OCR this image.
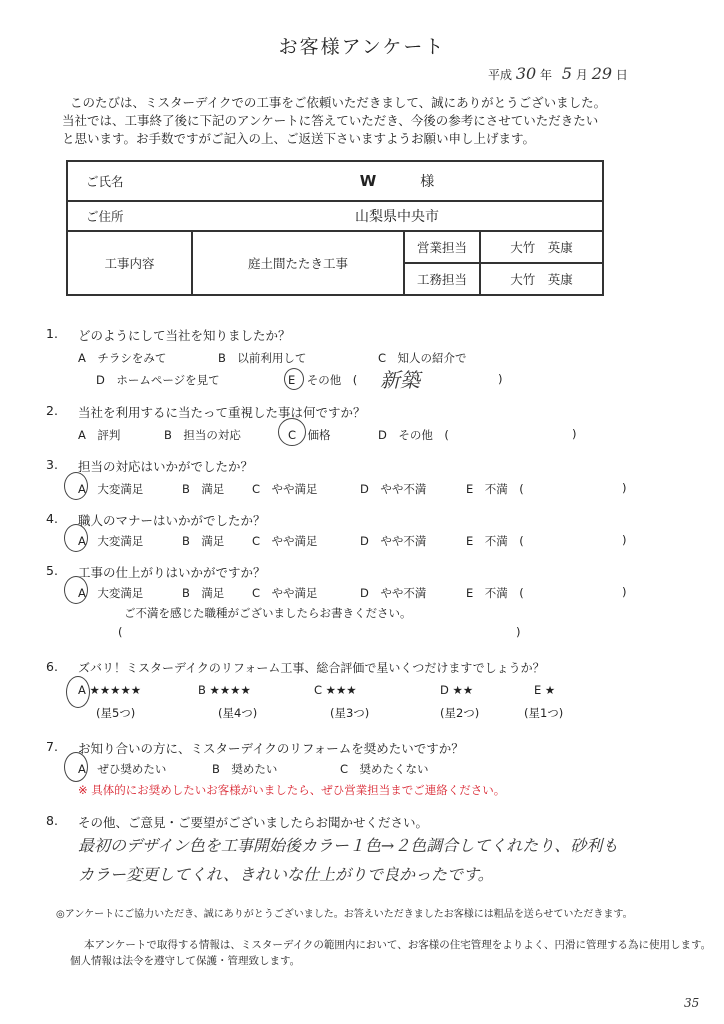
お客様アンケート
平成 30 年 5 月 29 日
このたびは、ミスターデイクでの工事をご依頼いただきまして、誠にありがとうございました。
当社では、工事終了後に下記のアンケートに答えていただき、今後の参考にさせていただきたい
と思います。お手数ですがご記入の上、ご返送下さいますようお願い申し上げます。
ご氏名	W 様		
ご住所	山梨県中央市		
工事内容	庭土間たたき工事	営業担当	大竹　英康
		工務担当	大竹　英康
1. どのようにして当社を知りましたか？
A　チラシをみて	B　以前利用して	C　知人の紹介で
D　ホームページを見て	E　その他　( 新築	)
2. 当社を利用するに当たって重視した事は何ですか？
A　評判	B　担当の対応	C　価格	D　その他　(	)
3. 担当の対応はいかがでしたか？
A　大変満足	B　満足 C　やや満足	D　やや不満	E　不満　(	)
4. 職人のマナーはいかがでしたか？
A　大変満足	B　満足 C　やや満足	D　やや不満	E　不満　(	)
5. 工事の仕上がりはいかがですか？
A　大変満足	B　満足 C　やや満足	D　やや不満	E　不満　(	)
ご不満を感じた職種がございましたらお書きください。
(	)
6. ズバリ！ミスターデイクのリフォーム工事、総合評価で星いくつだけますでしょうか？
A ★★★★★	B ★★★★	C ★★★	D ★★	E ★
(星5つ)	(星4つ)	(星3つ)	(星2つ)	(星1つ)
7. お知り合いの方に、ミスターデイクのリフォームを奨めたいですか？
A　ぜひ奨めたい	B　奨めたい	C　奨めたくない
※ 具体的にお奨めしたいお客様がいましたら、ぜひ営業担当までご連絡ください。
8. その他、ご意見・ご要望がございましたらお聞かせください。
最初のデザイン色を工事開始後カラー１色→２色調合してくれたり、砂利も
カラー変更してくれ、きれいな仕上がりで良かったです。
◎アンケートにご協力いただき、誠にありがとうございました。お答えいただきましたお客様には粗品を送らせていただきます。
本アンケートで取得する情報は、ミスターデイクの範囲内において、お客様の住宅管理をよりよく、円滑に管理する為に使用します。
個人情報は法令を遵守して保護・管理致します。
35
